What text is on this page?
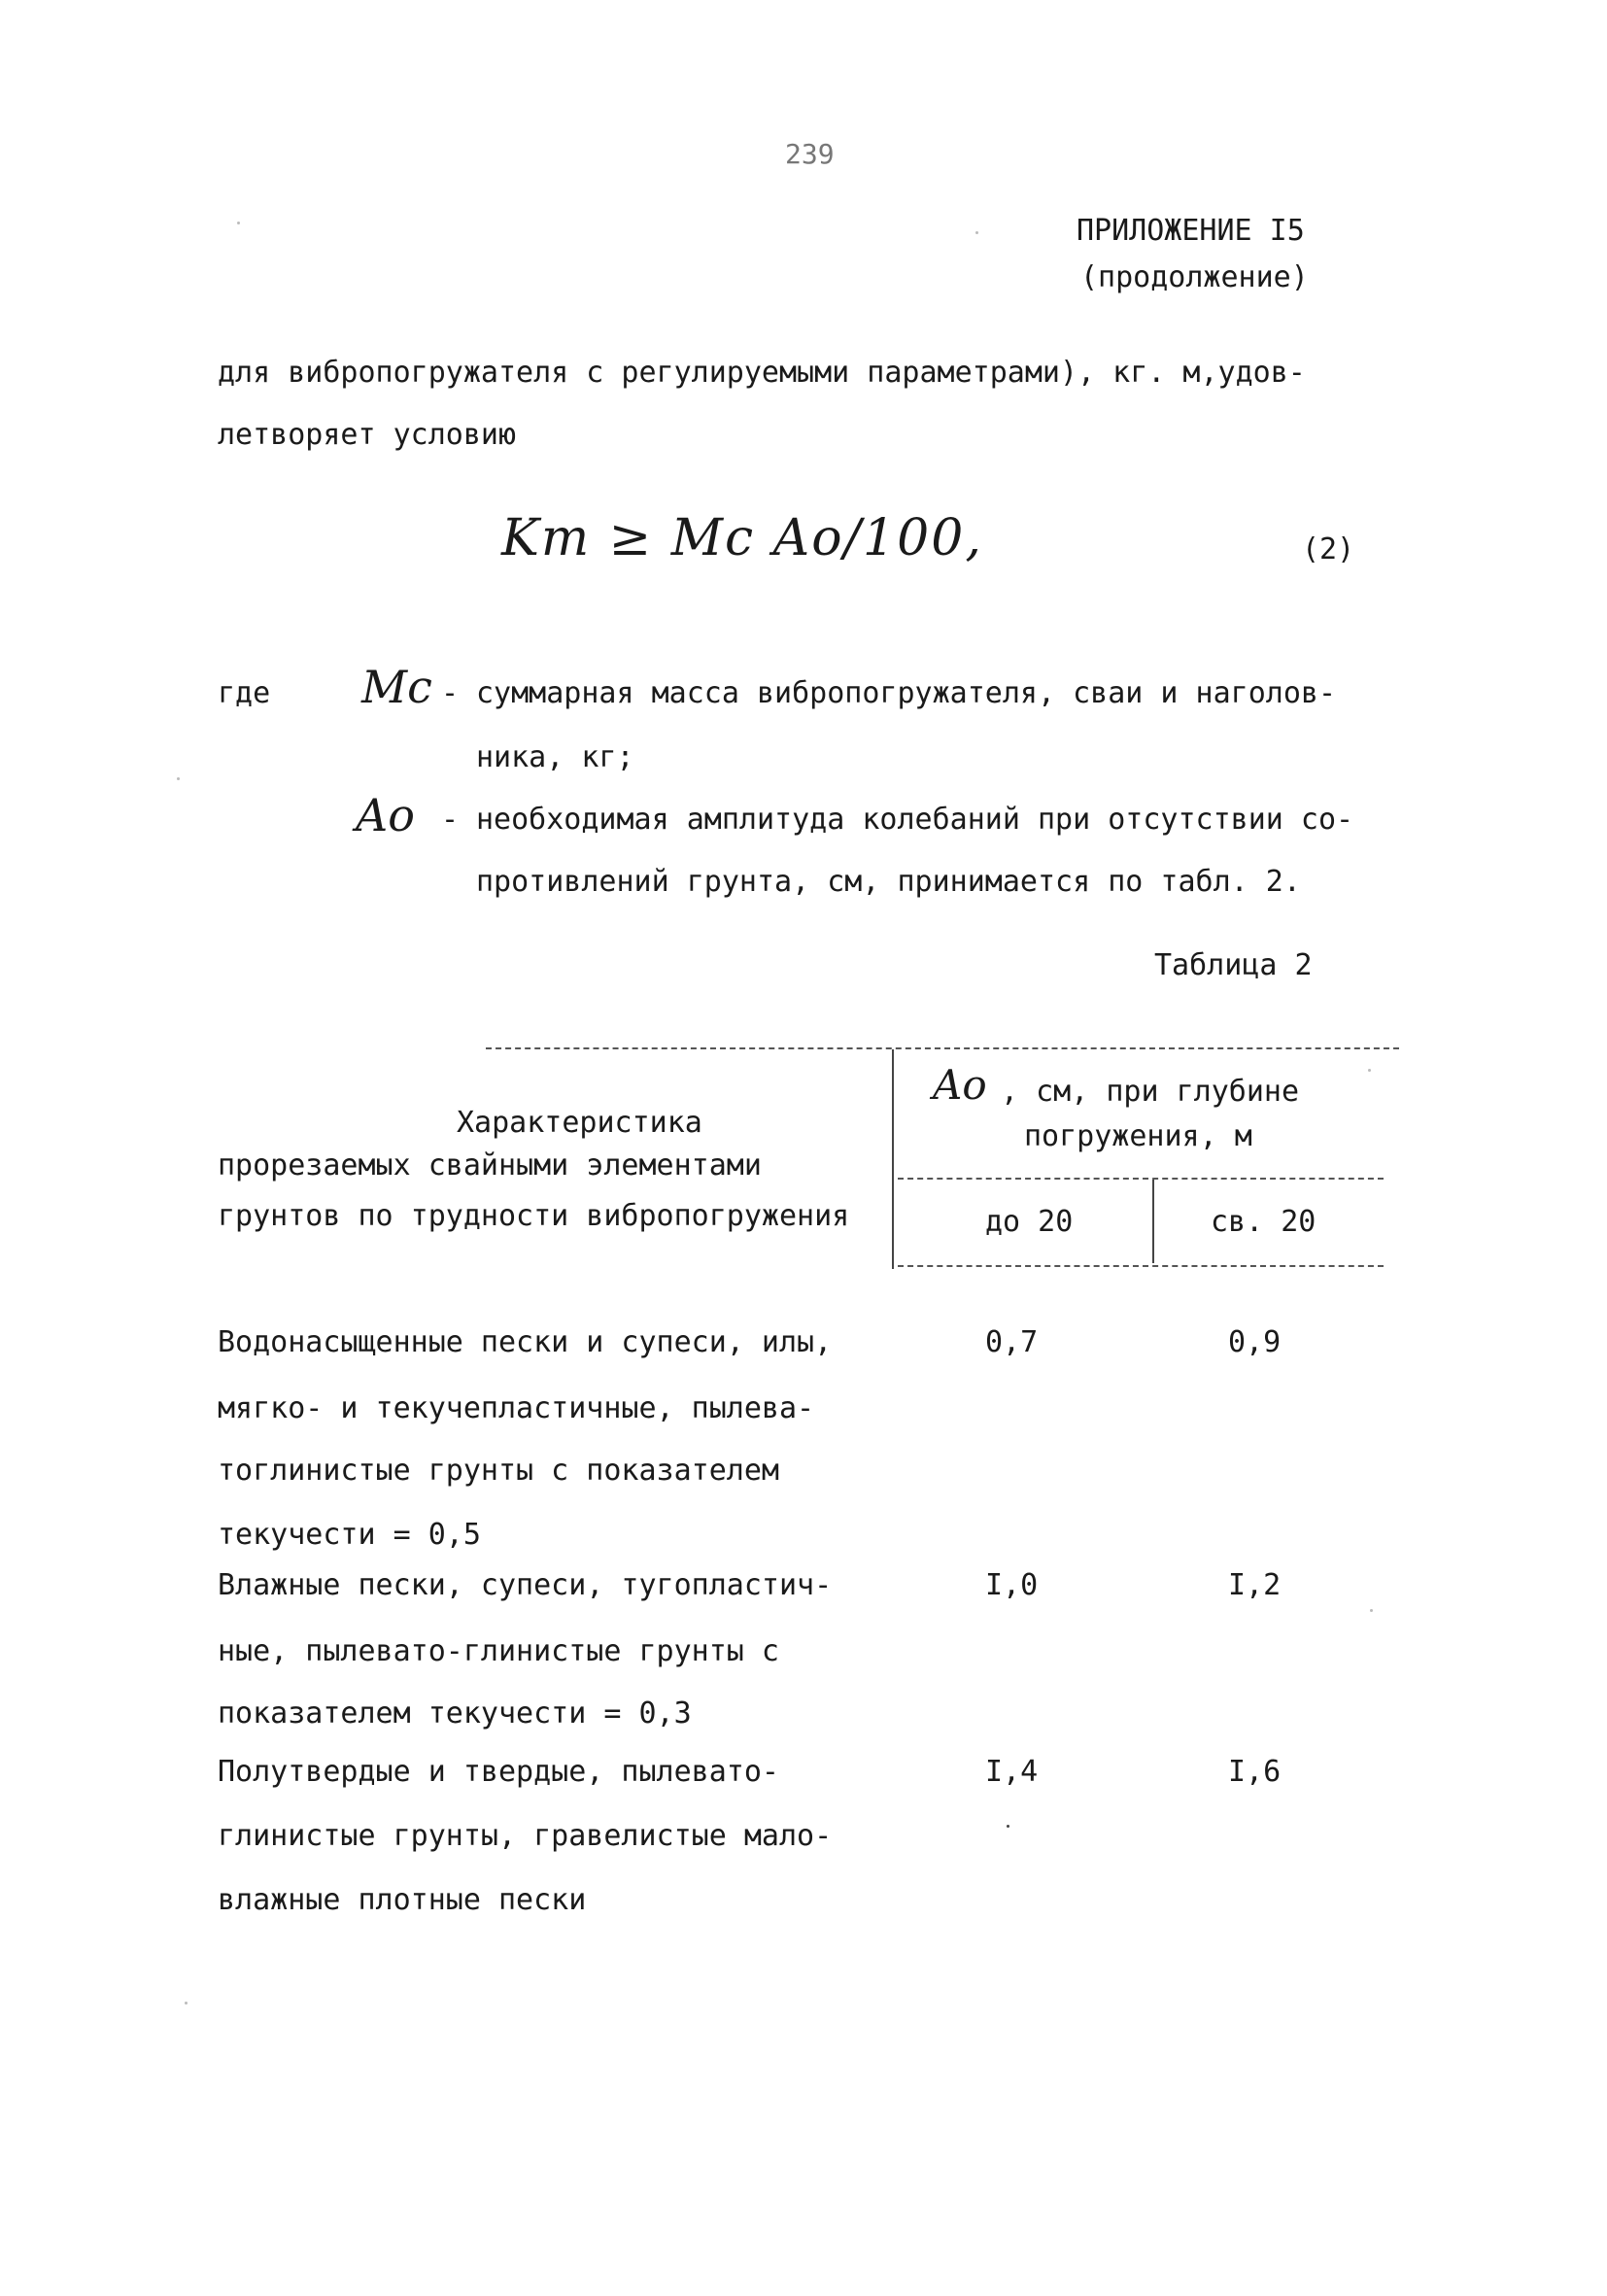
239
ПРИЛОЖЕНИЕ I5
(продолжение)
для вибропогружателя с регулируемыми параметрами), кг. м,удов-
летворяет условию
Km ≥ Mc Ao/100,	(2)
где Mc - суммарная масса вибропогружателя, сваи и наголов-
ника, кг;
Ao - необходимая амплитуда колебаний при отсутствии со-
противлений грунта, см, принимается по табл. 2.
Таблица 2
Характеристика
прорезаемых свайными элементами
грунтов по трудности вибропогружения
Ao , см, при глубине
погружения, м
до 20	св. 20
Водонасыщенные пески и супеси, илы,
мягко- и текучепластичные, пылева-
тоглинистые грунты с показателем
текучести = 0,5
0,7	0,9
Влажные пески, супеси, тугопластич-
ные, пылевато-глинистые грунты с
показателем текучести = 0,3
I,0	I,2
Полутвердые и твердые, пылевато-
глинистые грунты, гравелистые мало-
влажные плотные пески
I,4	I,6
